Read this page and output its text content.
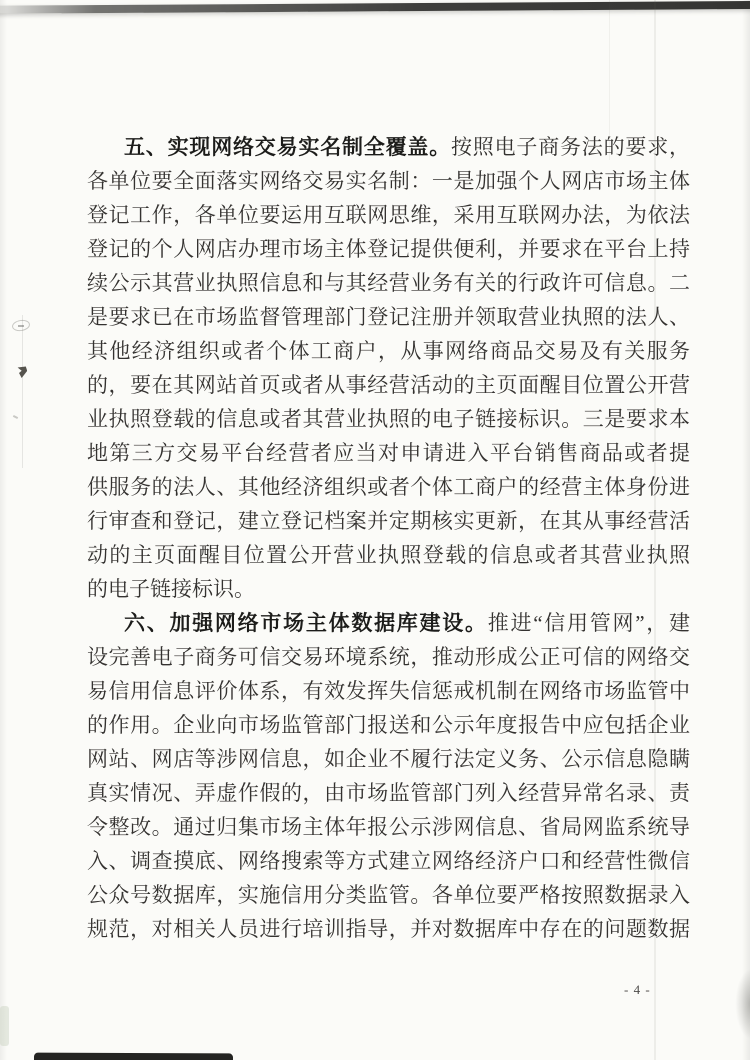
五、实现网络交易实名制全覆盖。按照电子商务法的要求，
各单位要全面落实网络交易实名制：一是加强个人网店市场主体
登记工作，各单位要运用互联网思维，采用互联网办法，为依法
登记的个人网店办理市场主体登记提供便利，并要求在平台上持
续公示其营业执照信息和与其经营业务有关的行政许可信息。二
是要求已在市场监督管理部门登记注册并领取营业执照的法人、
其他经济组织或者个体工商户，从事网络商品交易及有关服务
的，要在其网站首页或者从事经营活动的主页面醒目位置公开营
业执照登载的信息或者其营业执照的电子链接标识。三是要求本
地第三方交易平台经营者应当对申请进入平台销售商品或者提
供服务的法人、其他经济组织或者个体工商户的经营主体身份进
行审查和登记，建立登记档案并定期核实更新，在其从事经营活
动的主页面醒目位置公开营业执照登载的信息或者其营业执照
的电子链接标识。
六、加强网络市场主体数据库建设。推进“信用管网”，建
设完善电子商务可信交易环境系统，推动形成公正可信的网络交
易信用信息评价体系，有效发挥失信惩戒机制在网络市场监管中
的作用。企业向市场监管部门报送和公示年度报告中应包括企业
网站、网店等涉网信息，如企业不履行法定义务、公示信息隐瞒
真实情况、弄虚作假的，由市场监管部门列入经营异常名录、责
令整改。通过归集市场主体年报公示涉网信息、省局网监系统导
入、调查摸底、网络搜索等方式建立网络经济户口和经营性微信
公众号数据库，实施信用分类监管。各单位要严格按照数据录入
规范，对相关人员进行培训指导，并对数据库中存在的问题数据
- 4 -
